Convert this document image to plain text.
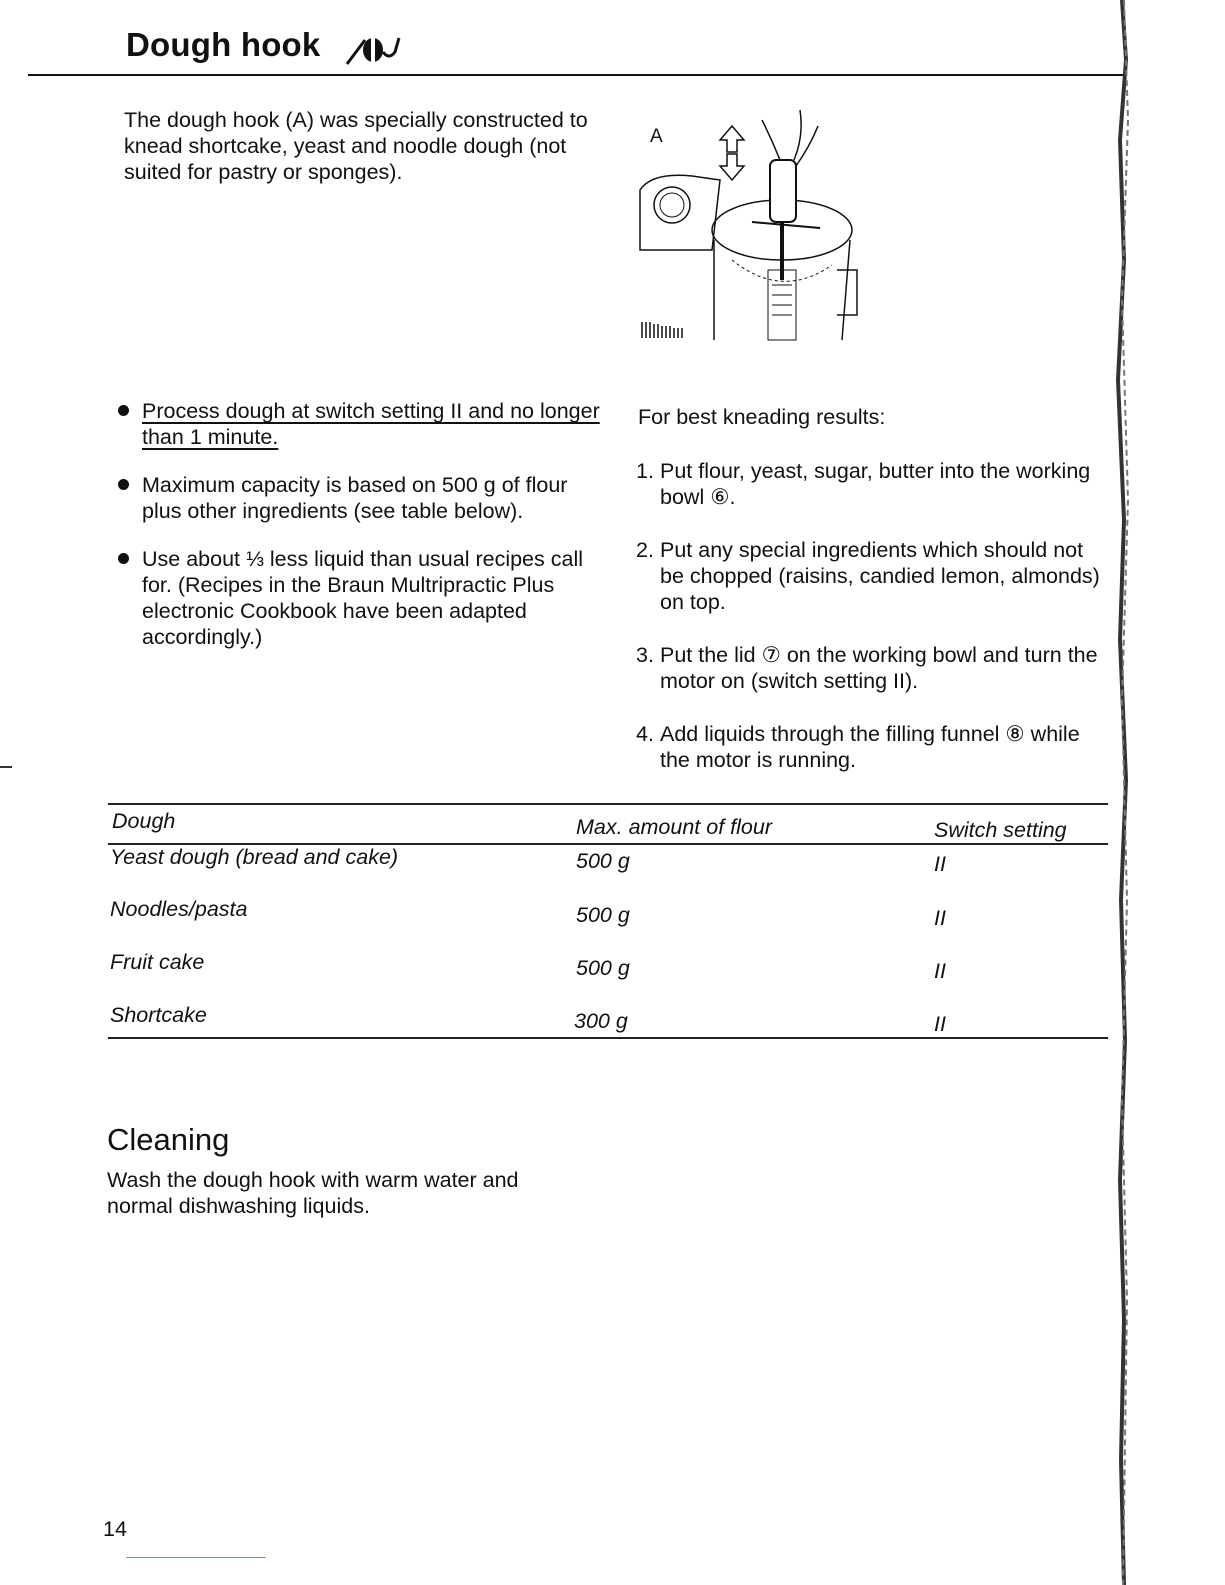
Dough hook
The dough hook (A) was specially constructed to knead shortcake, yeast and noodle dough (not suited for pastry or sponges).
A
Process dough at switch setting II and no longer than 1 minute.
Maximum capacity is based on 500 g of flour plus other ingredients (see table below).
Use about ⅓ less liquid than usual recipes call for. (Recipes in the Braun Multripractic Plus electronic Cookbook have been adapted accordingly.)
For best kneading results:
1. Put flour, yeast, sugar, butter into the working bowl ⑥.
2. Put any special ingredients which should not be chopped (raisins, candied lemon, almonds) on top.
3. Put the lid ⑦ on the working bowl and turn the motor on (switch setting II).
4. Add liquids through the filling funnel ⑧ while the motor is running.
Dough	Max. amount of flour	Switch setting
Yeast dough (bread and cake)	500 g	II
Noodles/pasta	500 g	II
Fruit cake	500 g	II
Shortcake	300 g	II
Cleaning
Wash the dough hook with warm water and normal dishwashing liquids.
14
